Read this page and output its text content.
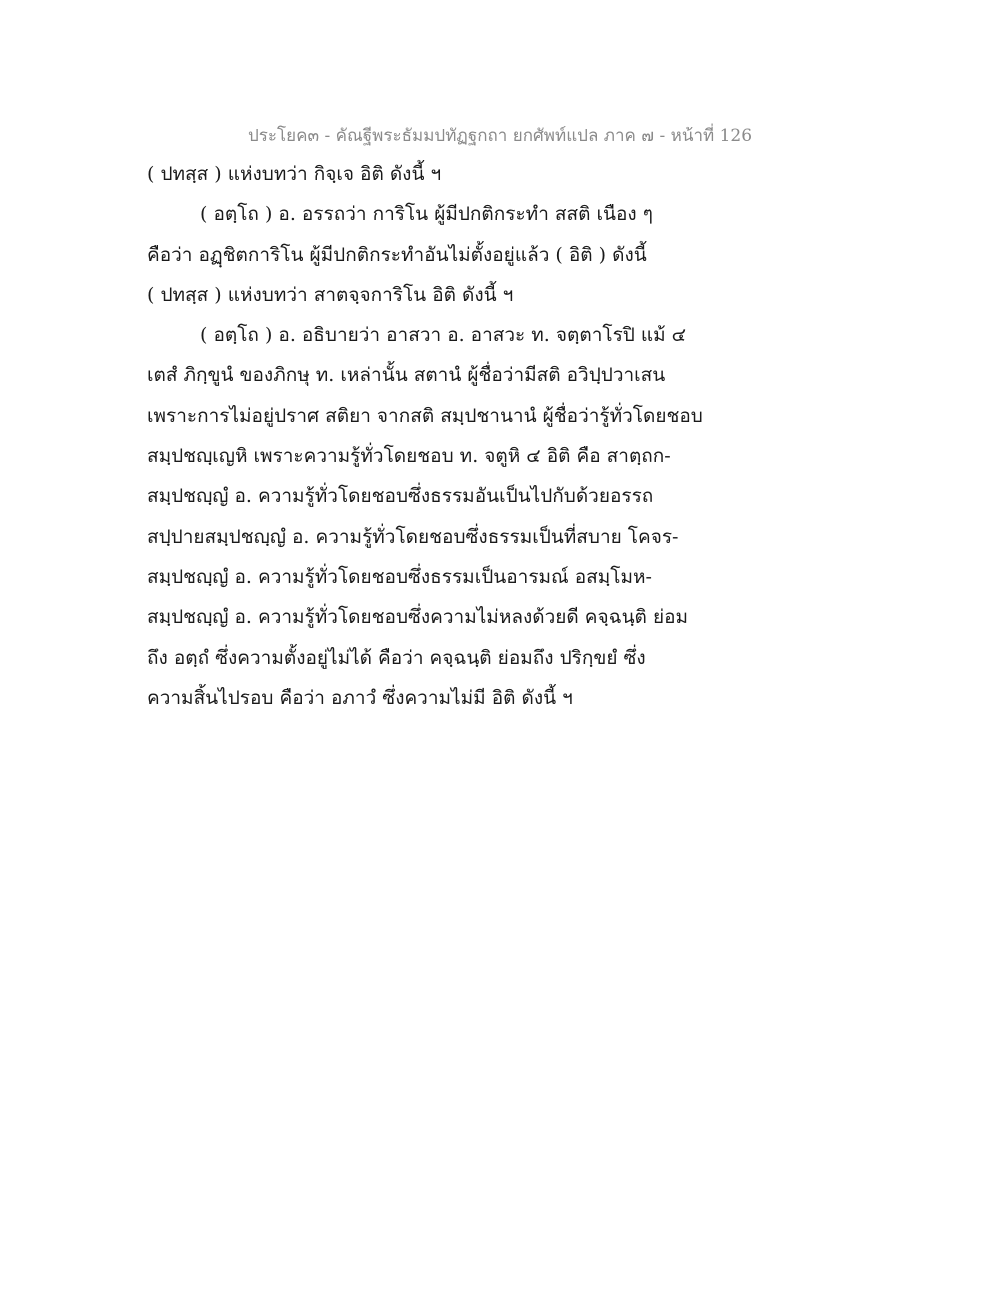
ประโยค๓ - คัณฐีพระธัมมปทัฏฐกถา ยกศัพท์แปล ภาค ๗ - หน้าที่ 126
( ปทสฺส ) แห่งบทว่า กิจฺเจ อิติ ดังนี้ ฯ
( อตฺโถ ) อ. อรรถว่า การิโน ผู้มีปกติกระทำ สสติ เนือง ๆ
คือว่า อฏฺชิตการิโน ผู้มีปกติกระทำอันไม่ตั้งอยู่แล้ว ( อิติ ) ดังนี้
( ปทสฺส ) แห่งบทว่า สาตจฺจการิโน อิติ ดังนี้ ฯ
( อตฺโถ ) อ. อธิบายว่า อาสวา อ. อาสวะ ท. จตฺตาโรปิ แม้ ๔
เตสํ ภิกฺขูนํ ของภิกษุ ท. เหล่านั้น สตานํ ผู้ชื่อว่ามีสติ อวิปฺปวาเสน
เพราะการไม่อยู่ปราศ สติยา จากสติ สมฺปชานานํ ผู้ชื่อว่ารู้ทั่วโดยชอบ
สมฺปชญฺเญหิ เพราะความรู้ทั่วโดยชอบ ท. จตูหิ ๔ อิติ คือ สาตฺถก-
สมฺปชญฺญํ อ. ความรู้ทั่วโดยชอบซึ่งธรรมอันเป็นไปกับด้วยอรรถ
สปฺปายสมฺปชญฺญํ อ. ความรู้ทั่วโดยชอบซึ่งธรรมเป็นที่สบาย โคจร-
สมฺปชญฺญํ อ. ความรู้ทั่วโดยชอบซึ่งธรรมเป็นอารมณ์ อสมฺโมห-
สมฺปชญฺญํ อ. ความรู้ทั่วโดยชอบซึ่งความไม่หลงด้วยดี คจฺฉนฺติ ย่อม
ถึง อตฺถํ ซึ่งความตั้งอยู่ไม่ได้ คือว่า คจฺฉนฺติ ย่อมถึง ปริกฺขยํ ซึ่ง
ความสิ้นไปรอบ คือว่า อภาวํ ซึ่งความไม่มี อิติ ดังนี้ ฯ
